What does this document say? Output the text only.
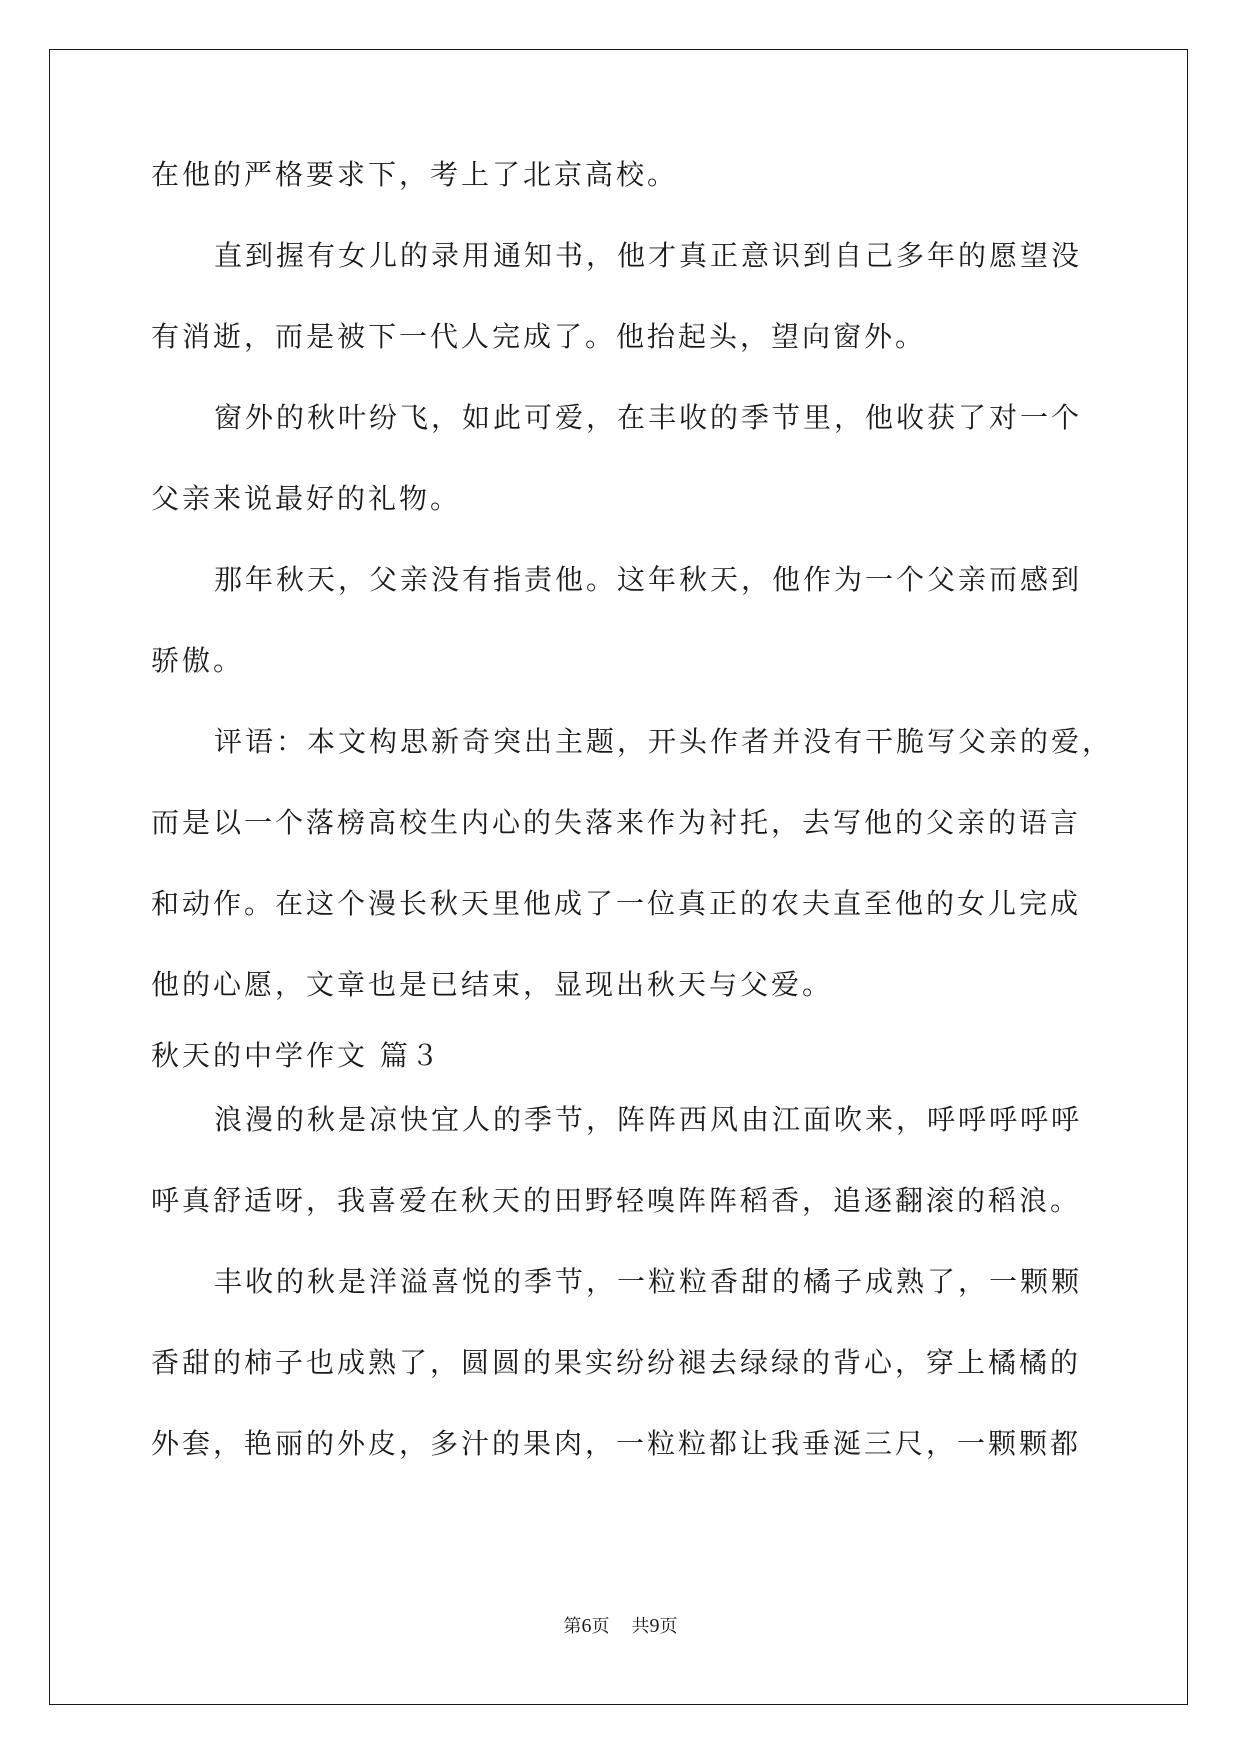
在他的严格要求下，考上了北京高校。
直到握有女儿的录用通知书，他才真正意识到自己多年的愿望没
有消逝，而是被下一代人完成了。他抬起头，望向窗外。
窗外的秋叶纷飞，如此可爱，在丰收的季节里，他收获了对一个
父亲来说最好的礼物。
那年秋天，父亲没有指责他。这年秋天，他作为一个父亲而感到
骄傲。
评语：本文构思新奇突出主题，开头作者并没有干脆写父亲的爱，
而是以一个落榜高校生内心的失落来作为衬托，去写他的父亲的语言
和动作。在这个漫长秋天里他成了一位真正的农夫直至他的女儿完成
他的心愿，文章也是已结束，显现出秋天与父爱。
秋天的中学作文 篇３
浪漫的秋是凉快宜人的季节，阵阵西风由江面吹来，呼呼呼呼呼
呼真舒适呀，我喜爱在秋天的田野轻嗅阵阵稻香，追逐翻滚的稻浪。
丰收的秋是洋溢喜悦的季节，一粒粒香甜的橘子成熟了，一颗颗
香甜的柿子也成熟了，圆圆的果实纷纷褪去绿绿的背心，穿上橘橘的
外套，艳丽的外皮，多汁的果肉，一粒粒都让我垂涎三尺，一颗颗都
第6页 共9页
